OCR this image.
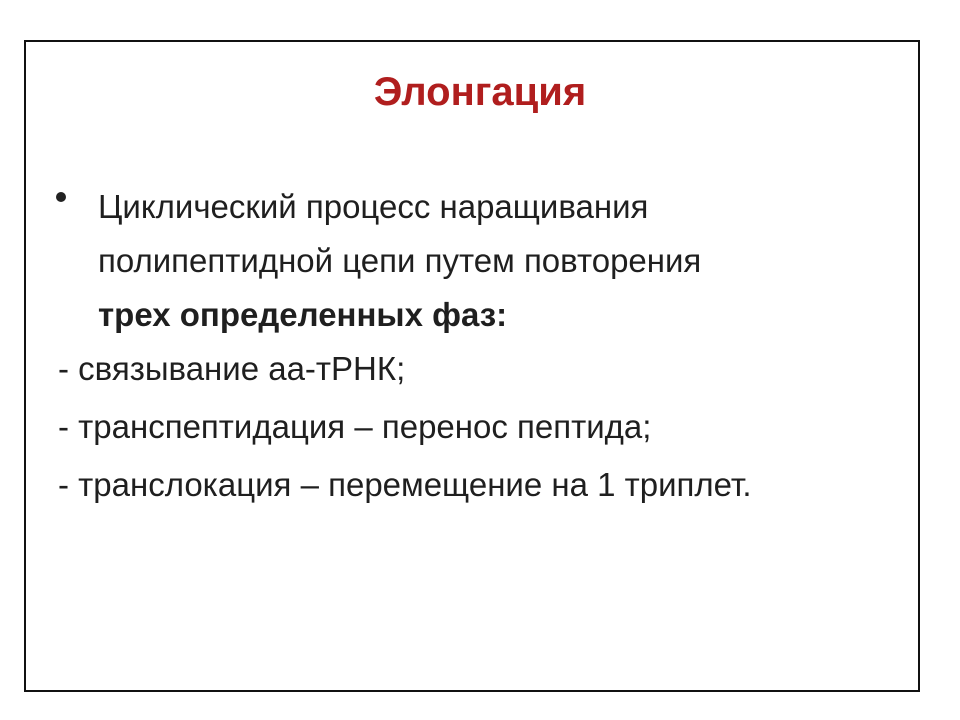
Элонгация
Циклический процесс наращивания
полипептидной цепи путем повторения
трех определенных фаз:
- связывание аа-тРНК;
- транспептидация – перенос пептида;
- транслокация – перемещение на 1 триплет.
